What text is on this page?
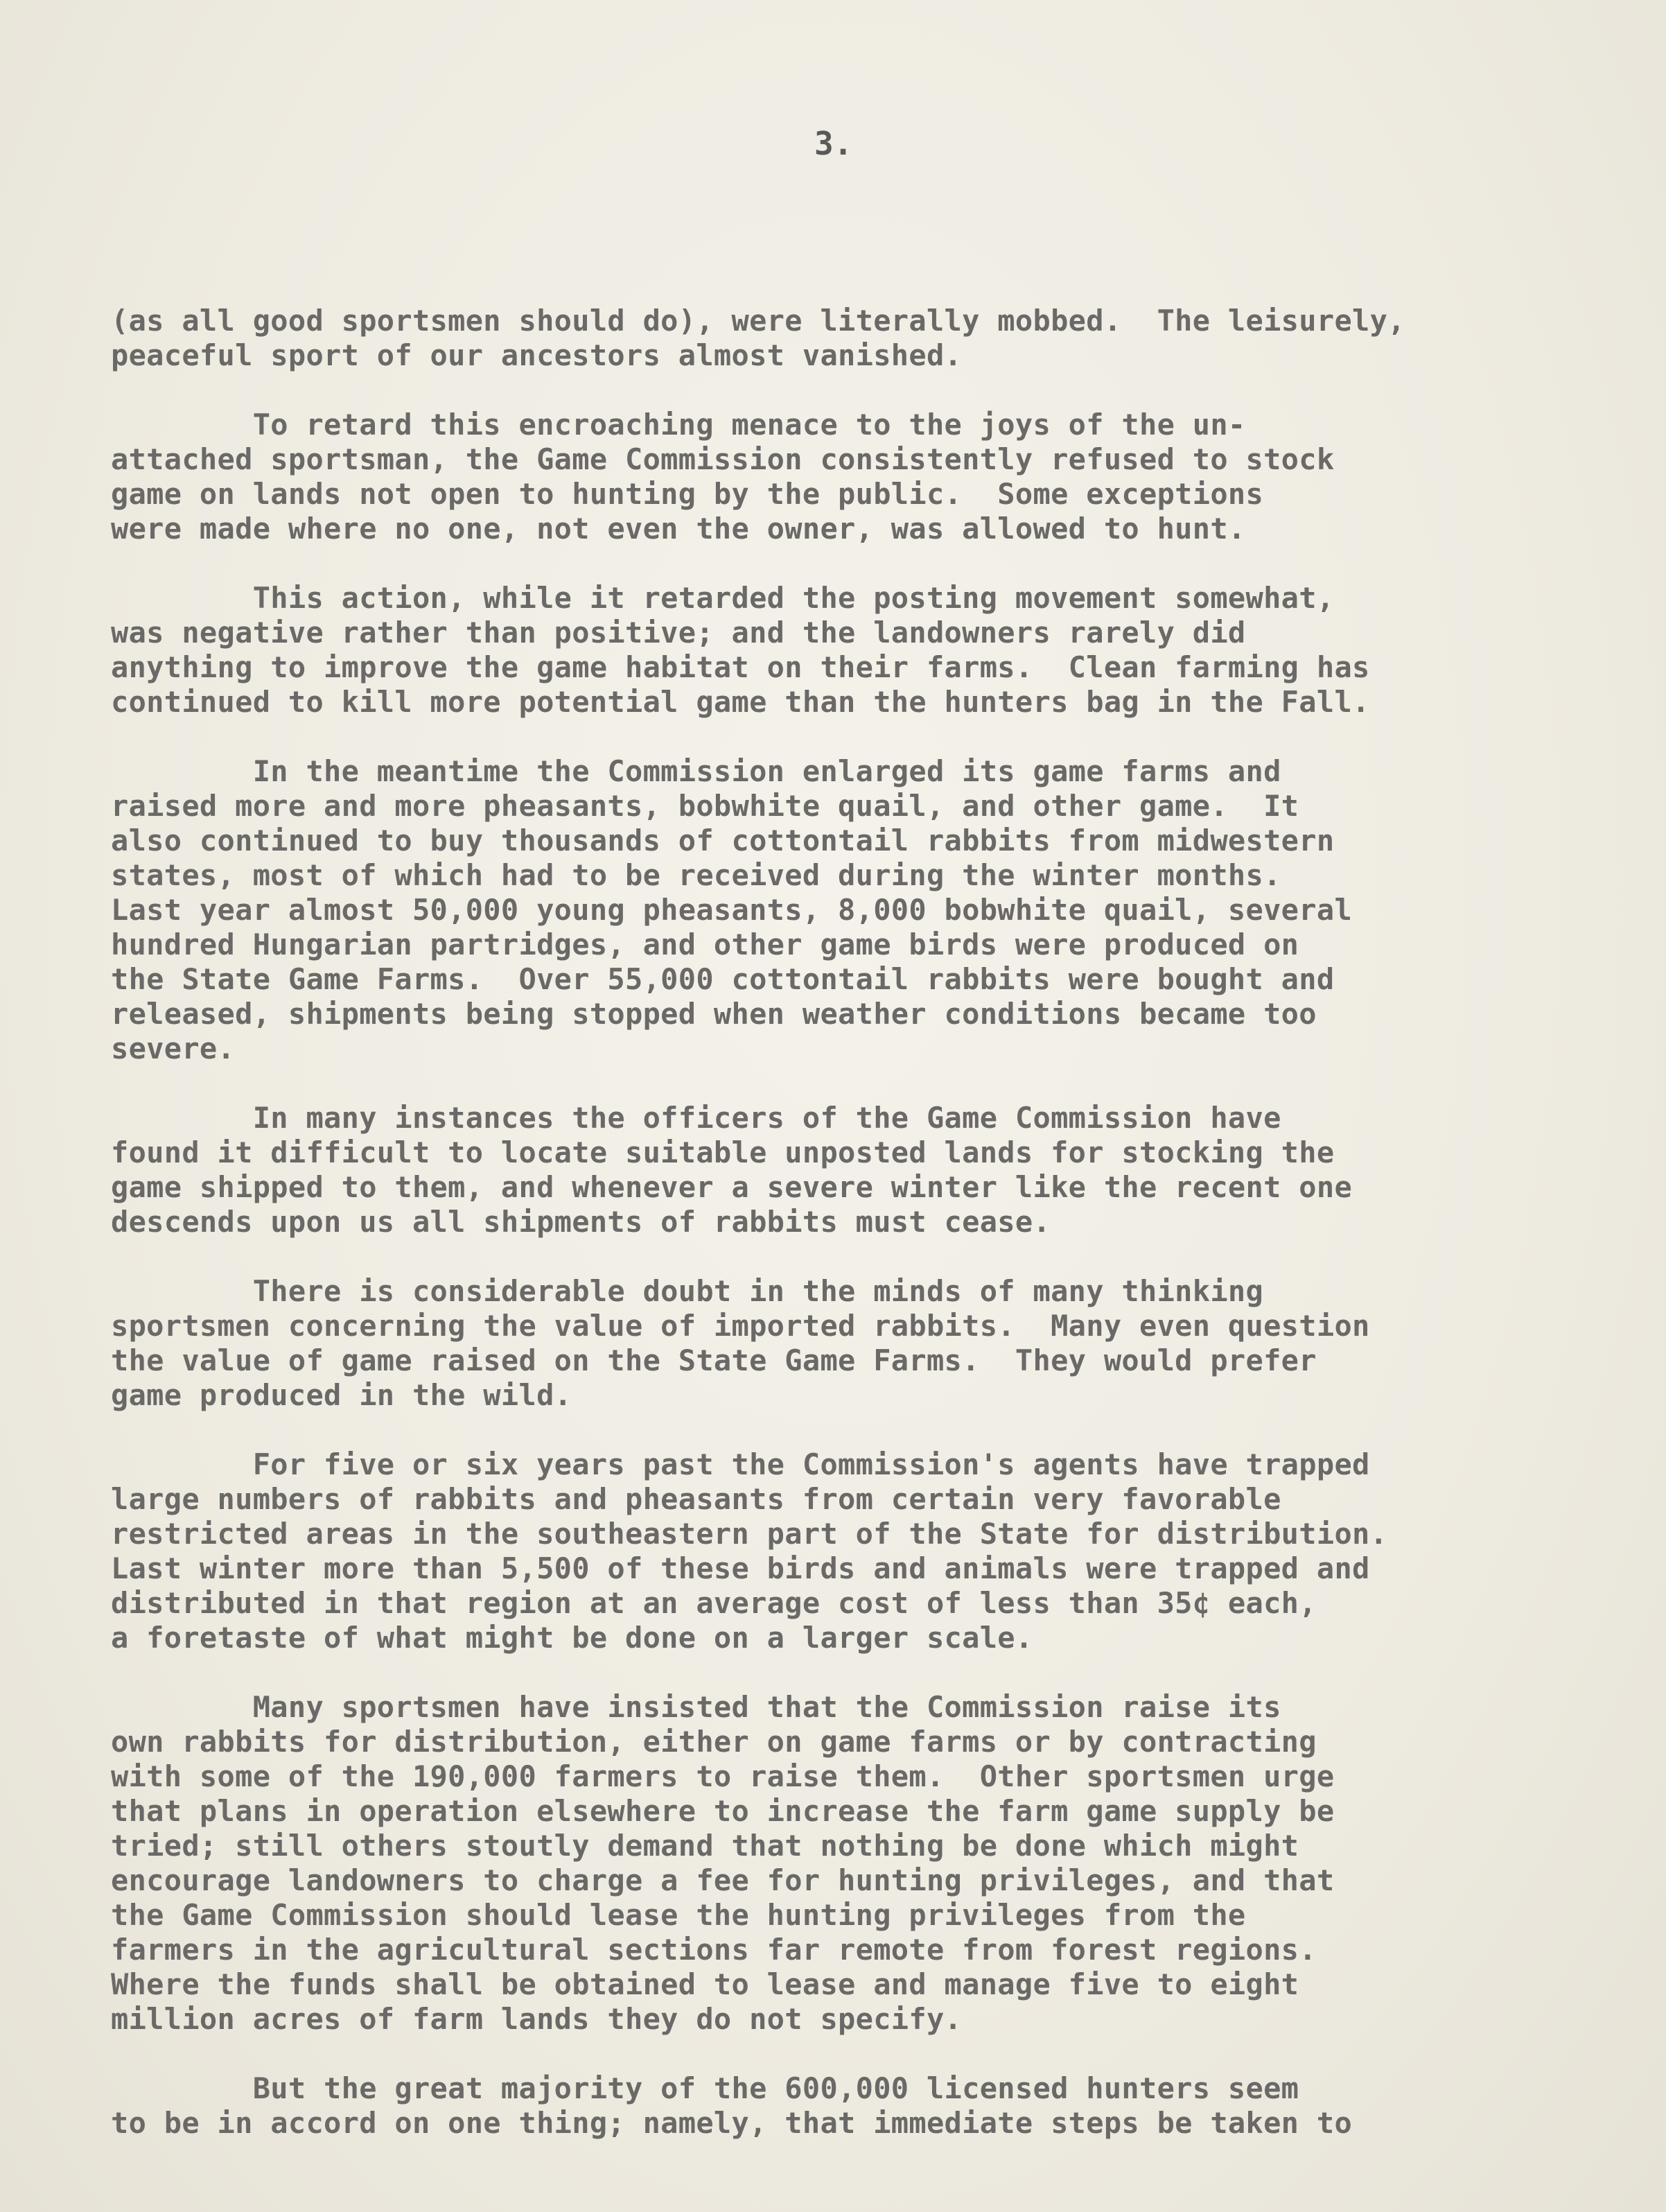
3.
(as all good sportsmen should do), were literally mobbed.  The leisurely,
peaceful sport of our ancestors almost vanished.
To retard this encroaching menace to the joys of the un-
attached sportsman, the Game Commission consistently refused to stock
game on lands not open to hunting by the public.  Some exceptions
were made where no one, not even the owner, was allowed to hunt.
This action, while it retarded the posting movement somewhat,
was negative rather than positive; and the landowners rarely did
anything to improve the game habitat on their farms.  Clean farming has
continued to kill more potential game than the hunters bag in the Fall.
In the meantime the Commission enlarged its game farms and
raised more and more pheasants, bobwhite quail, and other game.  It
also continued to buy thousands of cottontail rabbits from midwestern
states, most of which had to be received during the winter months.
Last year almost 50,000 young pheasants, 8,000 bobwhite quail, several
hundred Hungarian partridges, and other game birds were produced on
the State Game Farms.  Over 55,000 cottontail rabbits were bought and
released, shipments being stopped when weather conditions became too
severe.
In many instances the officers of the Game Commission have
found it difficult to locate suitable unposted lands for stocking the
game shipped to them, and whenever a severe winter like the recent one
descends upon us all shipments of rabbits must cease.
There is considerable doubt in the minds of many thinking
sportsmen concerning the value of imported rabbits.  Many even question
the value of game raised on the State Game Farms.  They would prefer
game produced in the wild.
For five or six years past the Commission's agents have trapped
large numbers of rabbits and pheasants from certain very favorable
restricted areas in the southeastern part of the State for distribution.
Last winter more than 5,500 of these birds and animals were trapped and
distributed in that region at an average cost of less than 35¢ each,
a foretaste of what might be done on a larger scale.
Many sportsmen have insisted that the Commission raise its
own rabbits for distribution, either on game farms or by contracting
with some of the 190,000 farmers to raise them.  Other sportsmen urge
that plans in operation elsewhere to increase the farm game supply be
tried; still others stoutly demand that nothing be done which might
encourage landowners to charge a fee for hunting privileges, and that
the Game Commission should lease the hunting privileges from the
farmers in the agricultural sections far remote from forest regions.
Where the funds shall be obtained to lease and manage five to eight
million acres of farm lands they do not specify.
But the great majority of the 600,000 licensed hunters seem
to be in accord on one thing; namely, that immediate steps be taken to
